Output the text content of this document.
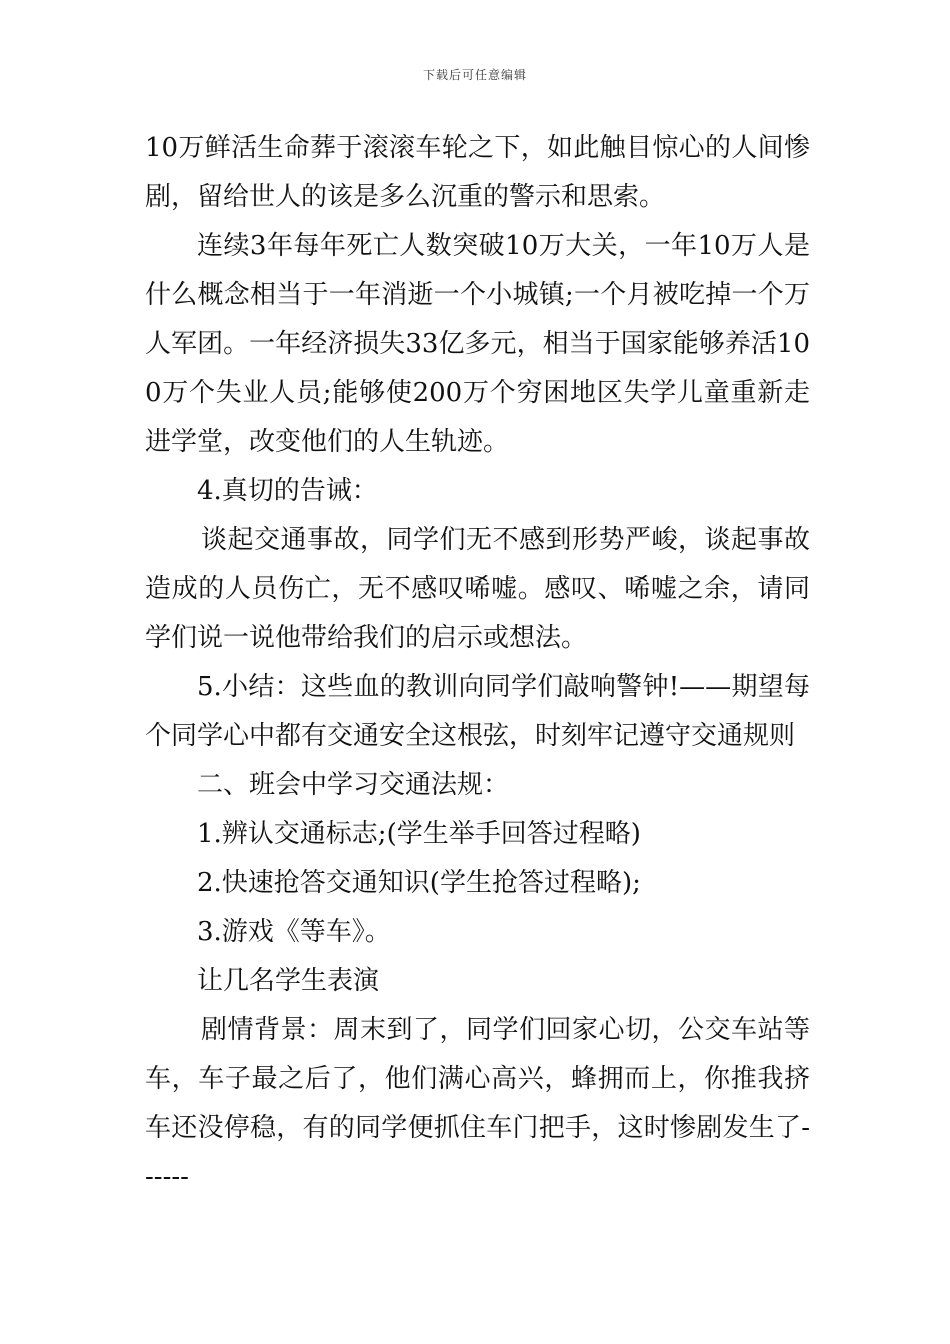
下载后可任意编辑

10万鲜活生命葬于滚滚车轮之下，如此触目惊心的人间惨剧，留给世人的该是多么沉重的警示和思索。

连续3年每年死亡人数突破10万大关，一年10万人是什么概念相当于一年消逝一个小城镇;一个月被吃掉一个万人军团。一年经济损失33亿多元，相当于国家能够养活100万个失业人员;能够使200万个穷困地区失学儿童重新走进学堂，改变他们的人生轨迹。

4.真切的告诫：

谈起交通事故，同学们无不感到形势严峻，谈起事故造成的人员伤亡，无不感叹唏嘘。感叹、唏嘘之余，请同学们说一说他带给我们的启示或想法。

5.小结：这些血的教训向同学们敲响警钟!——期望每个同学心中都有交通安全这根弦，时刻牢记遵守交通规则

二、班会中学习交通法规：

1.辨认交通标志;(学生举手回答过程略)

2.快速抢答交通知识(学生抢答过程略);

3.游戏《等车》。

让几名学生表演

剧情背景：周末到了，同学们回家心切，公交车站等车，车子最之后了，他们满心高兴，蜂拥而上，你推我挤车还没停稳，有的同学便抓住车门把手，这时惨剧发生了------
